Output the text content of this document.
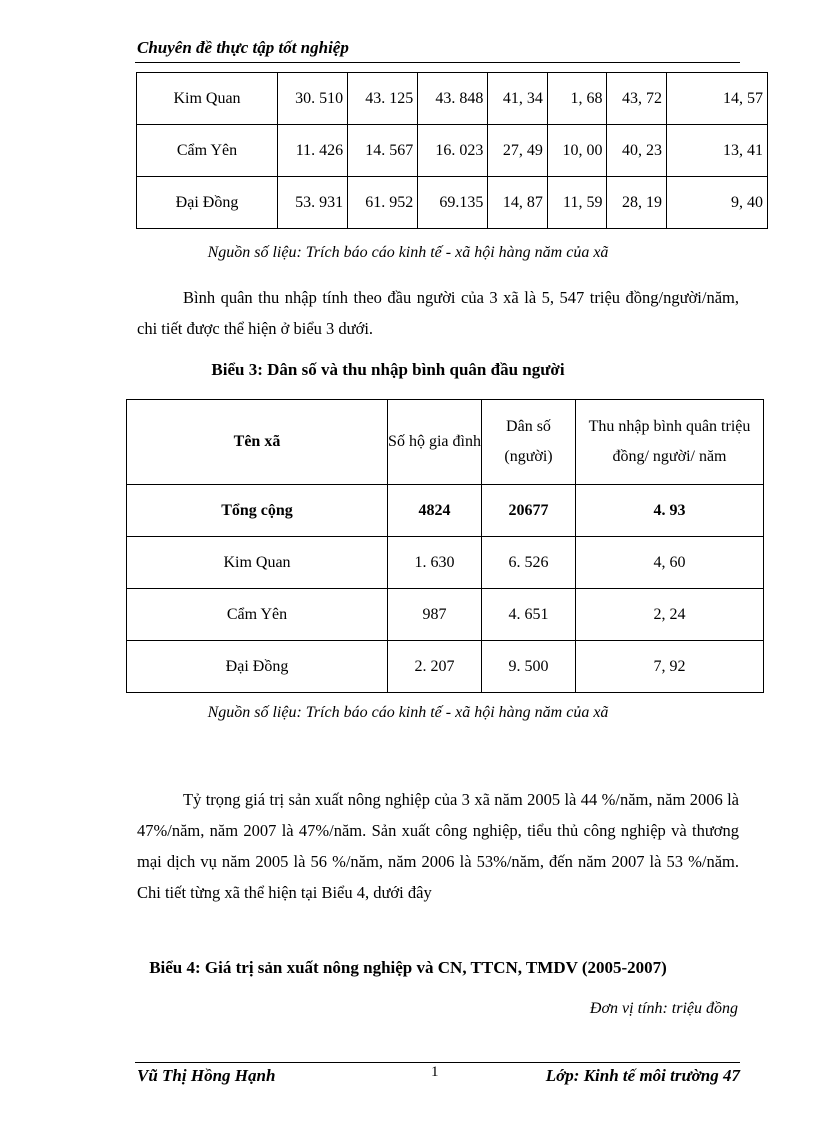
Chuyên đề thực tập tốt nghiệp
Kim Quan	30. 510	43. 125	43. 848	41, 34	1, 68	43, 72	14, 57
Cẩm Yên	11. 426	14. 567	16. 023	27, 49	10, 00	40, 23	13, 41
Đại Đồng	53. 931	61. 952	69.135	14, 87	11, 59	28, 19	9, 40
Nguồn số liệu: Trích báo cáo kinh tế - xã hội hàng năm của xã
Bình quân thu nhập tính theo đầu người của 3 xã là 5, 547 triệu đồng/người/năm, chi tiết được thể hiện ở biểu 3 dưới.
Biểu 3: Dân số và thu nhập bình quân đầu người
Tên xã	Số hộ gia đình	Dân số (người)	Thu nhập bình quân triệu đồng/ người/ năm
Tổng cộng	4824	20677	4. 93
Kim Quan	1. 630	6. 526	4, 60
Cẩm Yên	987	4. 651	2, 24
Đại Đồng	2. 207	9. 500	7, 92
Nguồn số liệu: Trích báo cáo kinh tế - xã hội hàng năm của xã
Tỷ trọng giá trị sản xuất nông nghiệp của 3 xã năm 2005 là 44 %/năm, năm 2006 là 47%/năm, năm 2007 là 47%/năm. Sản xuất công nghiệp, tiểu thủ công nghiệp và thương mại dịch vụ năm 2005 là 56 %/năm, năm 2006 là 53%/năm, đến năm 2007 là 53 %/năm. Chi tiết từng xã thể hiện tại Biểu 4, dưới đây
Biểu 4: Giá trị sản xuất nông nghiệp và CN, TTCN, TMDV (2005-2007)
Đơn vị tính: triệu đồng
Vũ Thị Hồng Hạnh	1	Lớp: Kinh tế môi trường 47
